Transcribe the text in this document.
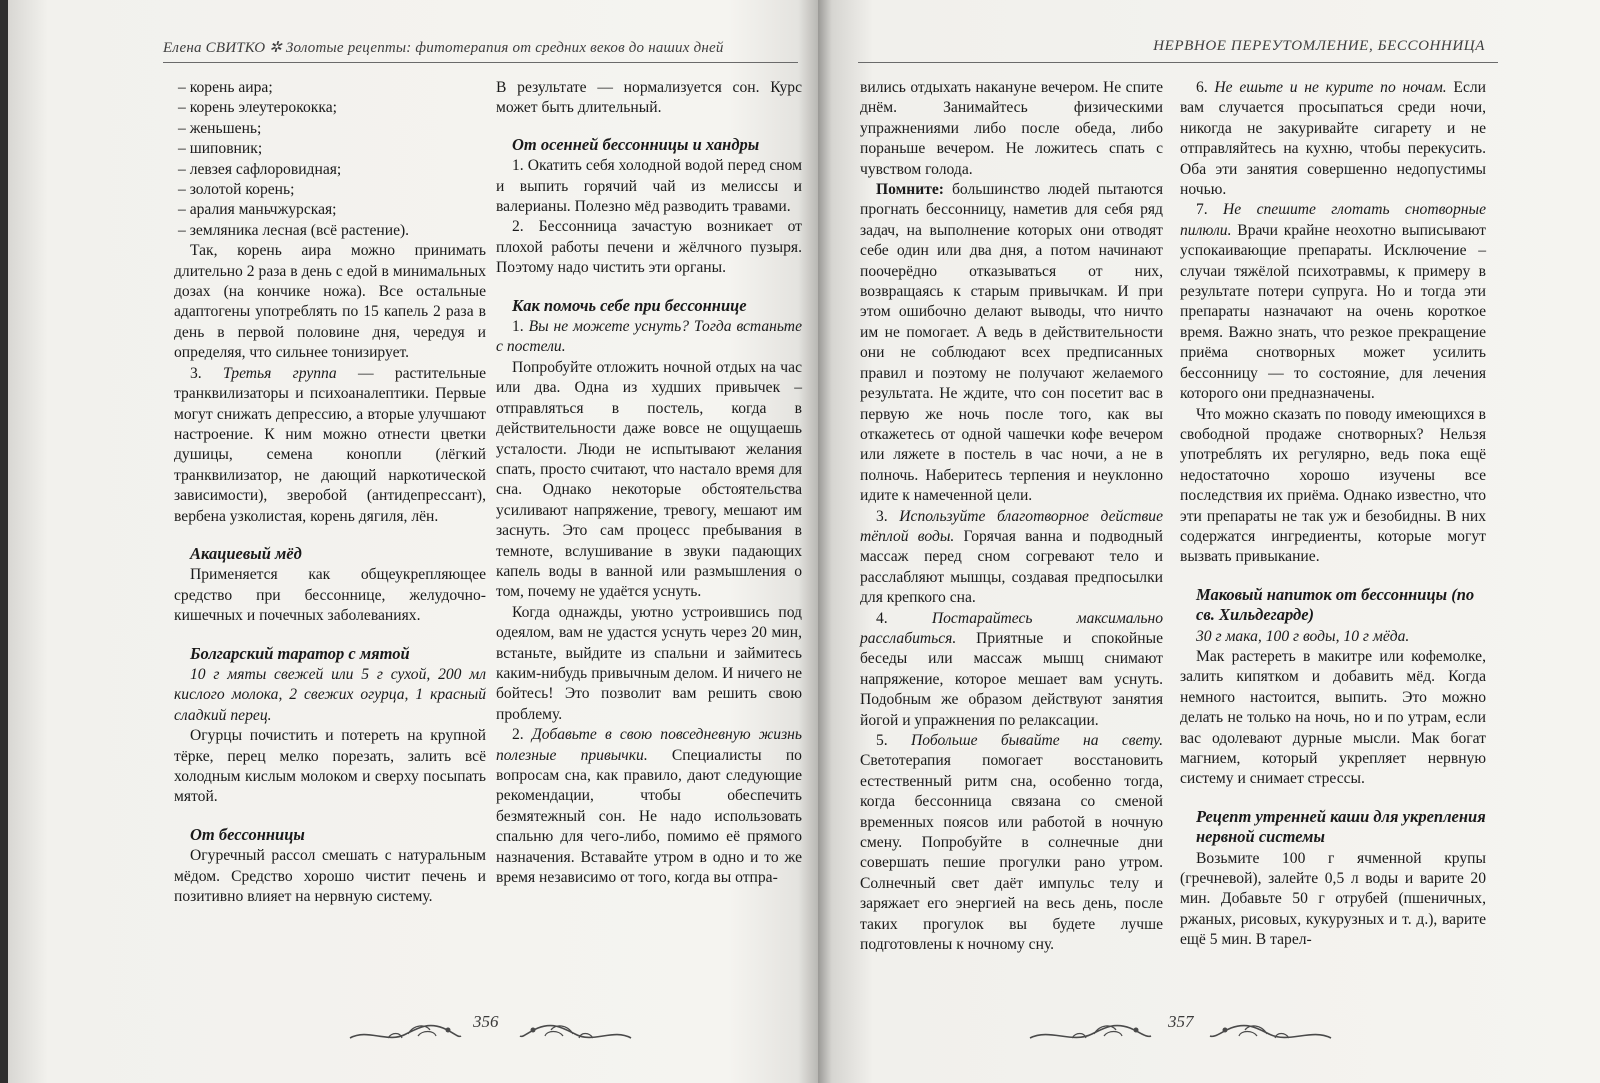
Елена СВИТКО ✲ Золотые рецепты: фитотерапия от средних веков до наших дней

– корень аира;

– корень элеутерококка;

– женьшень;

– шиповник;

– левзея сафлоровидная;

– золотой корень;

– аралия маньчжурская;

– земляника лесная (всё растение).

Так, корень аира можно принимать длительно 2 раза в день с едой в минимальных дозах (на кончике ножа). Все остальные адаптогены употреблять по 15 капель 2 раза в день в первой половине дня, чередуя и определяя, что сильнее тонизирует.

3. Третья группа — растительные транквилизаторы и психоаналептики. Первые могут снижать депрессию, а вторые улучшают настроение. К ним можно отнести цветки душицы, семена конопли (лёгкий транквилизатор, не дающий наркотической зависимости), зверобой (антидепрессант), вербена узколистая, корень дягиля, лён.

Акациевый мёд

Применяется как общеукрепляющее средство при бессоннице, желудочно-кишечных и почечных заболеваниях.

Болгарский таратор с мятой

10 г мяты свежей или 5 г сухой, 200 мл кислого молока, 2 свежих огурца, 1 красный сладкий перец.

Огурцы почистить и потереть на крупной тёрке, перец мелко порезать, залить всё холодным кислым молоком и сверху посыпать мятой.

От бессонницы

Огуречный рассол смешать с натуральным мёдом. Средство хорошо чистит печень и позитивно влияет на нервную систему.

В результате — нормализуется сон. Курс может быть длительный.

От осенней бессонницы и хандры

1. Окатить себя холодной водой перед сном и выпить горячий чай из мелиссы и валерианы. Полезно мёд разводить травами.

2. Бессонница зачастую возникает от плохой работы печени и жёлчного пузыря. Поэтому надо чистить эти органы.

Как помочь себе при бессоннице

1. Вы не можете уснуть? Тогда встаньте с постели.

Попробуйте отложить ночной отдых на час или два. Одна из худших привычек – отправляться в постель, когда в действительности даже вовсе не ощущаешь усталости. Люди не испытывают желания спать, просто считают, что настало время для сна. Однако некоторые обстоятельства усиливают напряжение, тревогу, мешают им заснуть. Это сам процесс пребывания в темноте, вслушивание в звуки падающих капель воды в ванной или размышления о том, почему не удаётся уснуть.

Когда однажды, уютно устроившись под одеялом, вам не удастся уснуть через 20 мин, встаньте, выйдите из спальни и займитесь каким-нибудь привычным делом. И ничего не бойтесь! Это позволит вам решить свою проблему.

2. Добавьте в свою повседневную жизнь полезные привычки. Специалисты по вопросам сна, как правило, дают следующие рекомендации, чтобы обеспечить безмятежный сон. Не надо использовать спальню для чего-либо, помимо её прямого назначения. Вставайте утром в одно и то же время независимо от того, когда вы отпра-

356
НЕРВНОЕ ПЕРЕУТОМЛЕНИЕ, БЕССОННИЦА

вились отдыхать накануне вечером. Не спите днём. Занимайтесь физическими упражнениями либо после обеда, либо пораньше вечером. Не ложитесь спать с чувством голода.

Помните: большинство людей пытаются прогнать бессонницу, наметив для себя ряд задач, на выполнение которых они отводят себе один или два дня, а потом начинают поочерёдно отказываться от них, возвращаясь к старым привычкам. И при этом ошибочно делают выводы, что ничто им не помогает. А ведь в действительности они не соблюдают всех предписанных правил и поэтому не получают желаемого результата. Не ждите, что сон посетит вас в первую же ночь после того, как вы откажетесь от одной чашечки кофе вечером или ляжете в постель в час ночи, а не в полночь. Наберитесь терпения и неуклонно идите к намеченной цели.

3. Используйте благотворное действие тёплой воды. Горячая ванна и подводный массаж перед сном согревают тело и расслабляют мышцы, создавая предпосылки для крепкого сна.

4.	Постарайтесь максимально расслабиться. Приятные и спокойные беседы или массаж мышц снимают напряжение, которое мешает вам уснуть. Подобным же образом действуют занятия йогой и упражнения по релаксации.

5. Побольше бывайте на свету. Светотерапия помогает восстановить естественный ритм сна, особенно тогда, когда бессонница связана со сменой временных поясов или работой в ночную смену. Попробуйте в солнечные дни совершать пешие прогулки рано утром. Солнечный свет даёт импульс телу и заряжает его энергией на весь день, после таких прогулок вы будете лучше подготовлены к ночному сну.

6. Не ешьте и не курите по ночам. Если вам случается просыпаться среди ночи, никогда не закуривайте сигарету и не отправляйтесь на кухню, чтобы перекусить. Оба эти занятия совершенно недопустимы ночью.

7. Не спешите глотать снотворные пилюли. Врачи крайне неохотно выписывают успокаивающие препараты. Исключение – случаи тяжёлой психотравмы, к примеру в результате потери супруга. Но и тогда эти препараты назначают на очень короткое время. Важно знать, что резкое прекращение приёма снотворных может усилить бессонницу — то состояние, для лечения которого они предназначены.

Что можно сказать по поводу имеющихся в свободной продаже снотворных? Нельзя употреблять их регулярно, ведь пока ещё недостаточно хорошо изучены все последствия их приёма. Однако известно, что эти препараты не так уж и безобидны. В них содержатся ингредиенты, которые могут вызвать привыкание.

Маковый напиток от бессонницы (по св. Хильдегарде)

30 г мака, 100 г воды, 10 г мёда.

Мак растереть в макитре или кофемолке, залить кипятком и добавить мёд. Когда немного настоится, выпить. Это можно делать не только на ночь, но и по утрам, если вас одолевают дурные мысли. Мак богат магнием, который укрепляет нервную систему и снимает стрессы.

Рецепт утренней каши для укрепления нервной системы

Возьмите 100 г ячменной крупы (гречневой), залейте 0,5 л воды и варите 20 мин. Добавьте 50 г отрубей (пшеничных, ржаных, рисовых, кукурузных и т. д.), варите ещё 5 мин. В тарел-

357
